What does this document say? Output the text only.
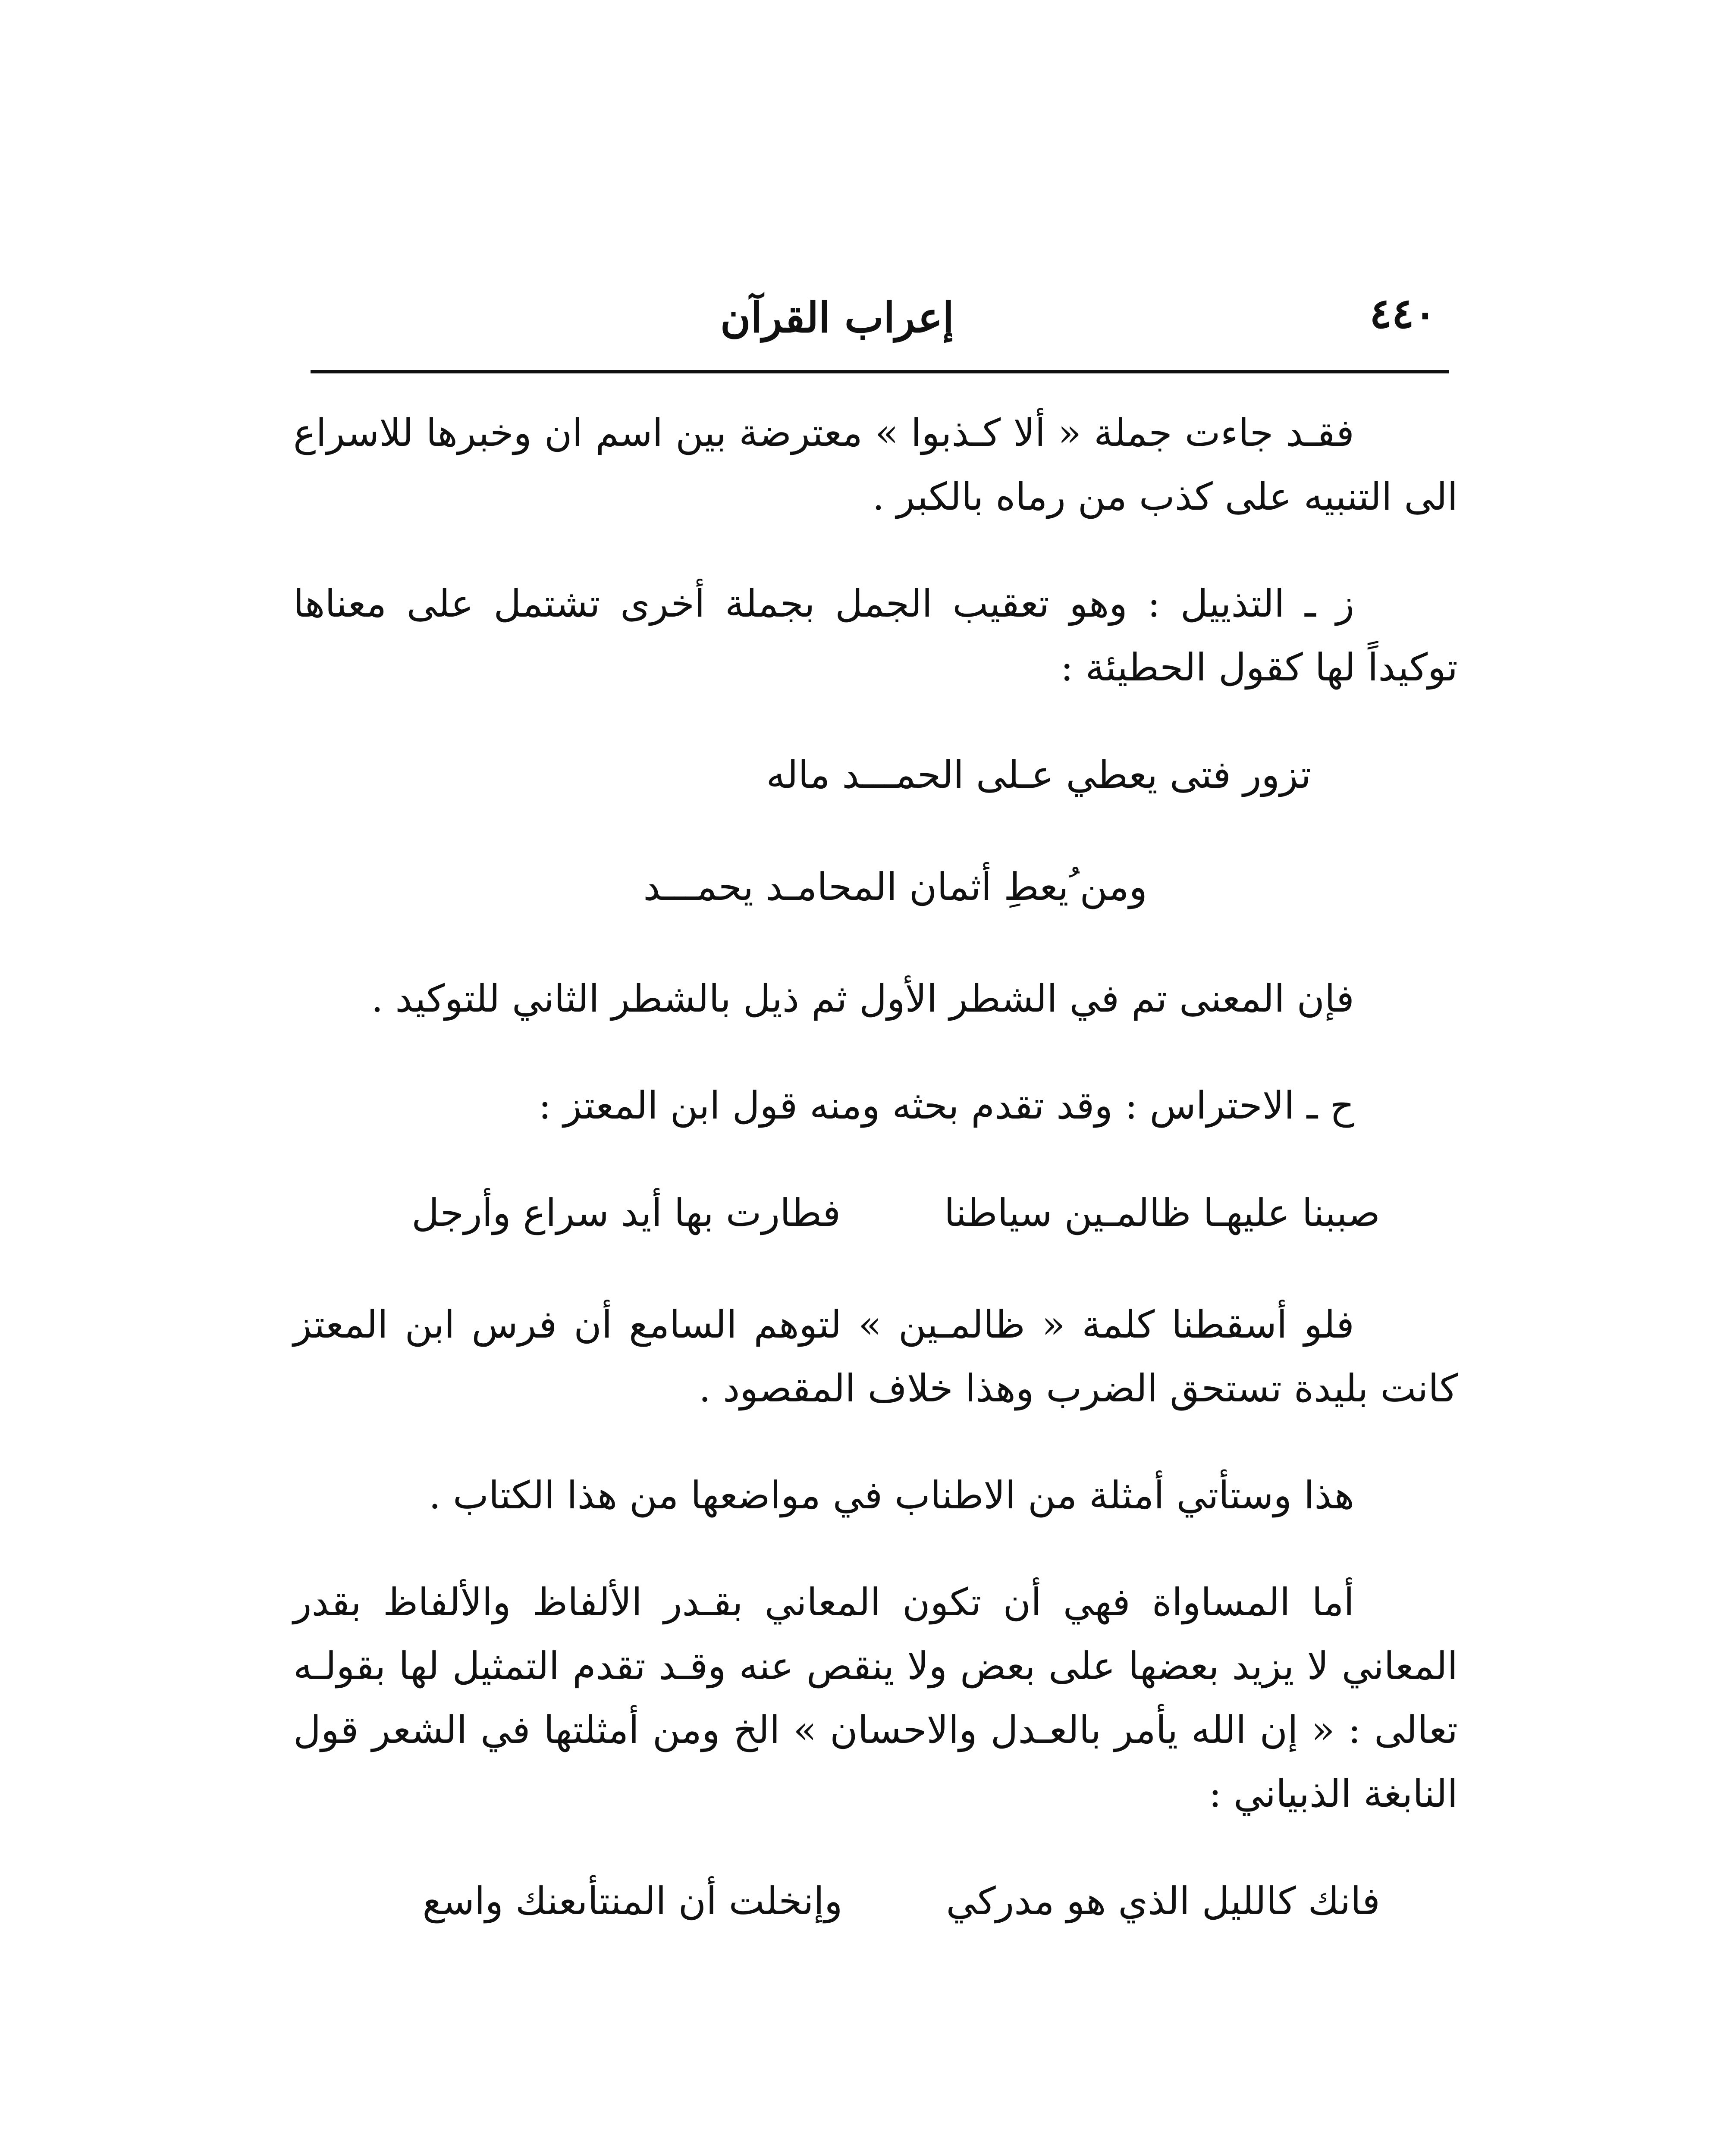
٤٤٠
إعراب القرآن

فقـد جاءت جملة « ألا كـذبوا » معترضة بين اسم ان وخبرها للاسراع الى التنبيه على كذب من رماه بالكبر .

ز ـ التذييل : وهو تعقيب الجمل بجملة أخرى تشتمل على معناها توكيداً لها كقول الحطيئة :

تزور فتى يعطي عـلى الحمـــد ماله
ومن ُيعطِ أثمان المحامـد يحمـــد

فإن المعنى تم في الشطر الأول ثم ذيل بالشطر الثاني للتوكيد .

ح ـ الاحتراس : وقد تقدم بحثه ومنه قول ابن المعتز :

صببنا عليهـا ظالمـين سياطنا
فطارت بها أيد سراع وأرجل

فلو أسقطنا كلمة « ظالمـين » لتوهم السامع أن فرس ابن المعتز كانت بليدة تستحق الضرب وهذا خلاف المقصود .

هذا وستأتي أمثلة من الاطناب في مواضعها من هذا الكتاب .

أما المساواة فهي أن تكون المعاني بقـدر الألفاظ والألفاظ بقدر المعاني لا يزيد بعضها على بعض ولا ينقص عنه وقـد تقدم التمثيل لها بقولـه تعالى : « إن الله يأمر بالعـدل والاحسان » الخ ومن أمثلتها في الشعر قول النابغة الذبياني :

فانك كالليل الذي هو مدركي
وإنخلت أن المنتأىعنك واسع
